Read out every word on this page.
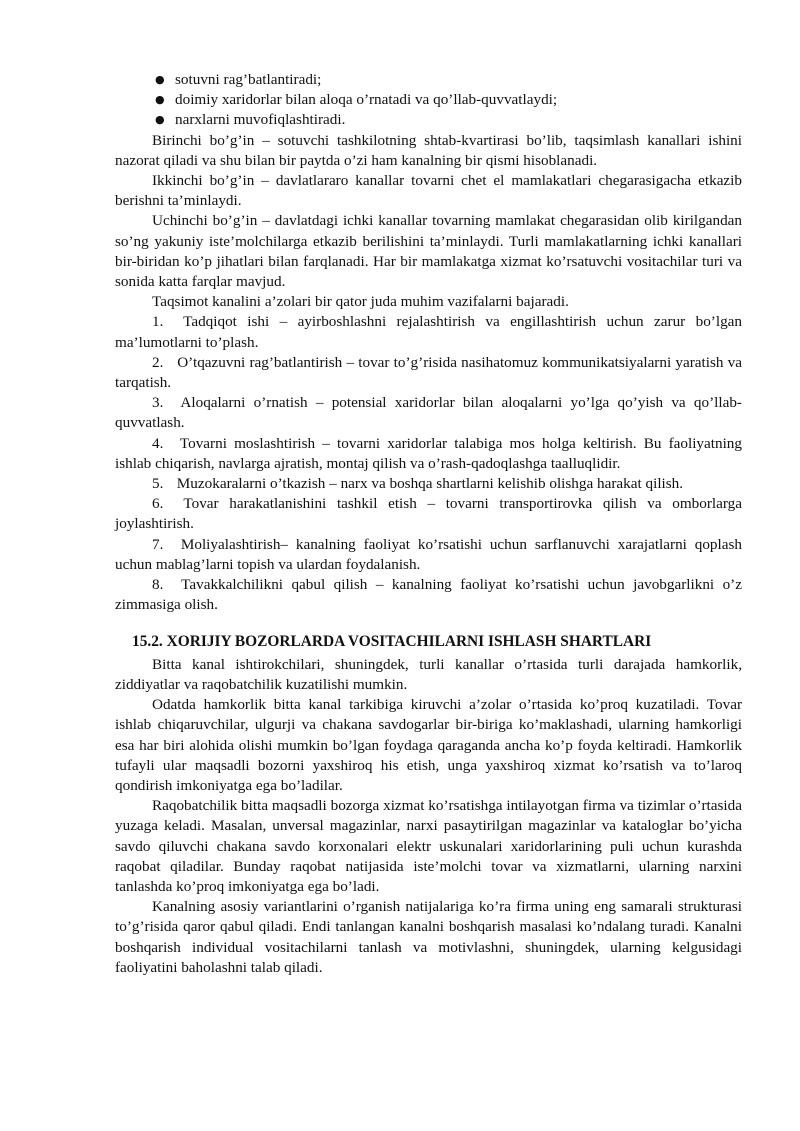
● sotuvni rag’batlantiradi;
● doimiy xaridorlar bilan aloqa o’rnatadi va qo’llab-quvvatlaydi;
● narxlarni muvofiqlashtiradi.

Birinchi bo’g’in – sotuvchi tashkilotning shtab-kvartirasi bo’lib, taqsimlash kanallari ishini nazorat qiladi va shu bilan bir paytda o’zi ham kanalning bir qismi hisoblanadi.

Ikkinchi bo’g’in – davlatlararo kanallar tovarni chet el mamlakatlari chegarasigacha etkazib berishni ta’minlaydi.

Uchinchi bo’g’in – davlatdagi ichki kanallar tovarning mamlakat chegarasidan olib kirilgandan so’ng yakuniy iste’molchilarga etkazib berilishini ta’minlaydi. Turli mamlakatlarning ichki kanallari bir-biridan ko’p jihatlari bilan farqlanadi. Har bir mamlakatga xizmat ko’rsatuvchi vositachilar turi va sonida katta farqlar mavjud.

Taqsimot kanalini a’zolari bir qator juda muhim vazifalarni bajaradi.

1. Tadqiqot ishi – ayirboshlashni rejalashtirish va engillashtirish uchun zarur bo’lgan ma’lumotlarni to’plash.
2. O’tqazuvni rag’batlantirish – tovar to’g’risida nasihatomuz kommunikatsiyalarni yaratish va tarqatish.
3. Aloqalarni o’rnatish – potensial xaridorlar bilan aloqalarni yo’lga qo’yish va qo’llab-quvvatlash.
4. Tovarni moslashtirish – tovarni xaridorlar talabiga mos holga keltirish. Bu faoliyatning ishlab chiqarish, navlarga ajratish, montaj qilish va o’rash-qadoqlashga taalluqlidir.
5. Muzokaralarni o’tkazish – narx va boshqa shartlarni kelishib olishga harakat qilish.
6. Tovar harakatlanishini tashkil etish – tovarni transportirovka qilish va omborlarga joylashtirish.
7. Moliyalashtirish– kanalning faoliyat ko’rsatishi uchun sarflanuvchi xarajatlarni qoplash uchun mablag’larni topish va ulardan foydalanish.
8. Tavakkalchilikni qabul qilish – kanalning faoliyat ko’rsatishi uchun javobgarlikni o’z zimmasiga olish.
15.2. XORIJIY BOZORLARDA VOSITACHILARNI ISHLASH SHARTLARI

Bitta kanal ishtirokchilari, shuningdek, turli kanallar o’rtasida turli darajada hamkorlik, ziddiyatlar va raqobatchilik kuzatilishi mumkin.

Odatda hamkorlik bitta kanal tarkibiga kiruvchi a’zolar o’rtasida ko’proq kuzatiladi. Tovar ishlab chiqaruvchilar, ulgurji va chakana savdogarlar bir-biriga ko’maklashadi, ularning hamkorligi esa har biri alohida olishi mumkin bo’lgan foydaga qaraganda ancha ko’p foyda keltiradi. Hamkorlik tufayli ular maqsadli bozorni yaxshiroq his etish, unga yaxshiroq xizmat ko’rsatish va to’laroq qondirish imkoniyatga ega bo’ladilar.

Raqobatchilik bitta maqsadli bozorga xizmat ko’rsatishga intilayotgan firma va tizimlar o’rtasida yuzaga keladi. Masalan, unversal magazinlar, narxi pasaytirilgan magazinlar va kataloglar bo’yicha savdo qiluvchi chakana savdo korxonalari elektr uskunalari xaridorlarining puli uchun kurashda raqobat qiladilar. Bunday raqobat natijasida iste’molchi tovar va xizmatlarni, ularning narxini tanlashda ko’proq imkoniyatga ega bo’ladi.

Kanalning asosiy variantlarini o’rganish natijalariga ko’ra firma uning eng samarali strukturasi to’g’risida qaror qabul qiladi. Endi tanlangan kanalni boshqarish masalasi ko’ndalang turadi. Kanalni boshqarish individual vositachilarni tanlash va motivlashni, shuningdek, ularning kelgusidagi faoliyatini baholashni talab qiladi.
